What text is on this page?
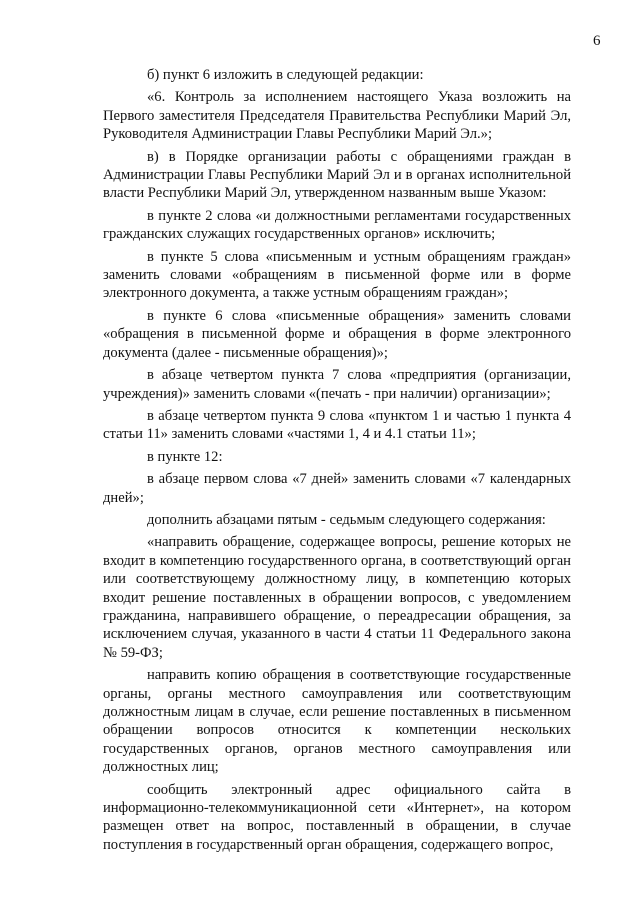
6

б) пункт 6 изложить в следующей редакции:

«6. Контроль за исполнением настоящего Указа возложить на Первого заместителя Председателя Правительства Республики Марий Эл, Руководителя Администрации Главы Республики Марий Эл.»;

в) в Порядке организации работы с обращениями граждан в Администрации Главы Республики Марий Эл и в органах исполнительной власти Республики Марий Эл, утвержденном названным выше Указом:

в пункте 2 слова «и должностными регламентами государственных гражданских служащих государственных органов» исключить;

в пункте 5 слова «письменным и устным обращениям граждан» заменить словами «обращениям в письменной форме или в форме электронного документа, а также устным обращениям граждан»;

в пункте 6 слова «письменные обращения» заменить словами «обращения в письменной форме и обращения в форме электронного документа (далее - письменные обращения)»;

в абзаце четвертом пункта 7 слова «предприятия (организации, учреждения)» заменить словами «(печать - при наличии) организации»;

в абзаце четвертом пункта 9 слова «пунктом 1 и частью 1 пункта 4 статьи 11» заменить словами «частями 1, 4 и 4.1 статьи 11»;

в пункте 12:

в абзаце первом слова «7 дней» заменить словами «7 календарных дней»;

дополнить абзацами пятым - седьмым следующего содержания:

«направить обращение, содержащее вопросы, решение которых не входит в компетенцию государственного органа, в соответствующий орган или соответствующему должностному лицу, в компетенцию которых входит решение поставленных в обращении вопросов, с уведомлением гражданина, направившего обращение, о переадресации обращения, за исключением случая, указанного в части 4 статьи 11 Федерального закона № 59-ФЗ;

направить копию обращения в соответствующие государственные органы, органы местного самоуправления или соответствующим должностным лицам в случае, если решение поставленных в письменном обращении вопросов относится к компетенции нескольких государственных органов, органов местного самоуправления или должностных лиц;

сообщить электронный адрес официального сайта в информационно-телекоммуникационной сети «Интернет», на котором размещен ответ на вопрос, поставленный в обращении, в случае поступления в государственный орган обращения, содержащего вопрос,
